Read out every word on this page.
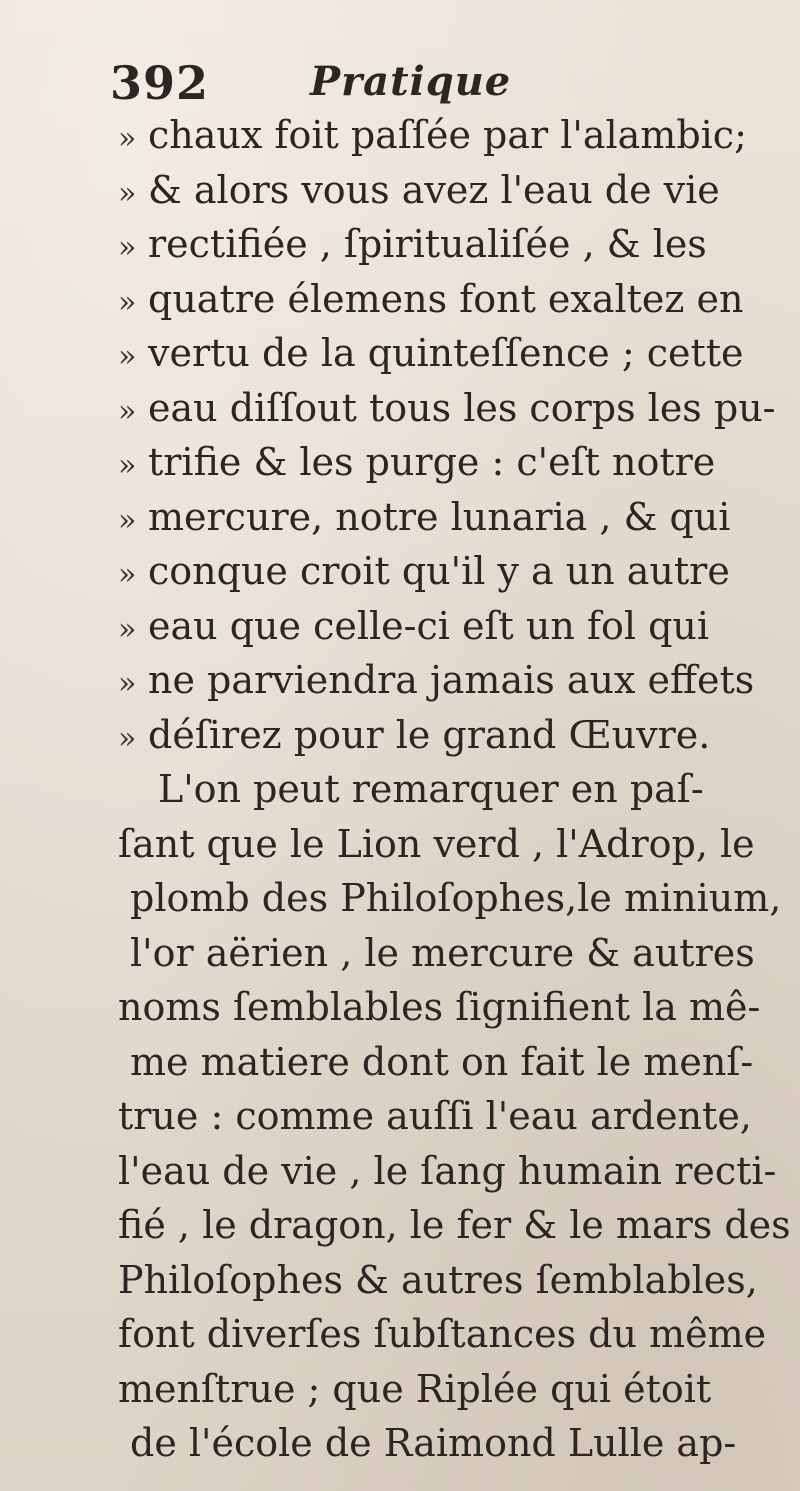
392	Pratique
» chaux foit paſſée par l'alambic;
» & alors vous avez l'eau de vie
» rectifiée , ſpiritualiſée , & les
» quatre élemens font exaltez en
» vertu de la quinteſſence ; cette
» eau diſſout tous les corps les pu-
» trifie & les purge : c'eſt notre
» mercure, notre lunaria , & qui
» conque croit qu'il y a un autre
» eau que celle-ci eſt un fol qui
» ne parviendra jamais aux effets
» déſirez pour le grand Œuvre.
L'on peut remarquer en paſ-
ſant que le Lion verd , l'Adrop, le
plomb des Philoſophes,le minium,
l'or aërien , le mercure & autres
noms ſemblables ſignifient la mê-
me matiere dont on fait le menſ-
true : comme auſſi l'eau ardente,
l'eau de vie , le ſang humain recti-
fié , le dragon, le fer & le mars des
Philoſophes & autres ſemblables,
font diverſes ſubſtances du même
menſtrue ; que Riplée qui étoit
de l'école de Raimond Lulle ap-
